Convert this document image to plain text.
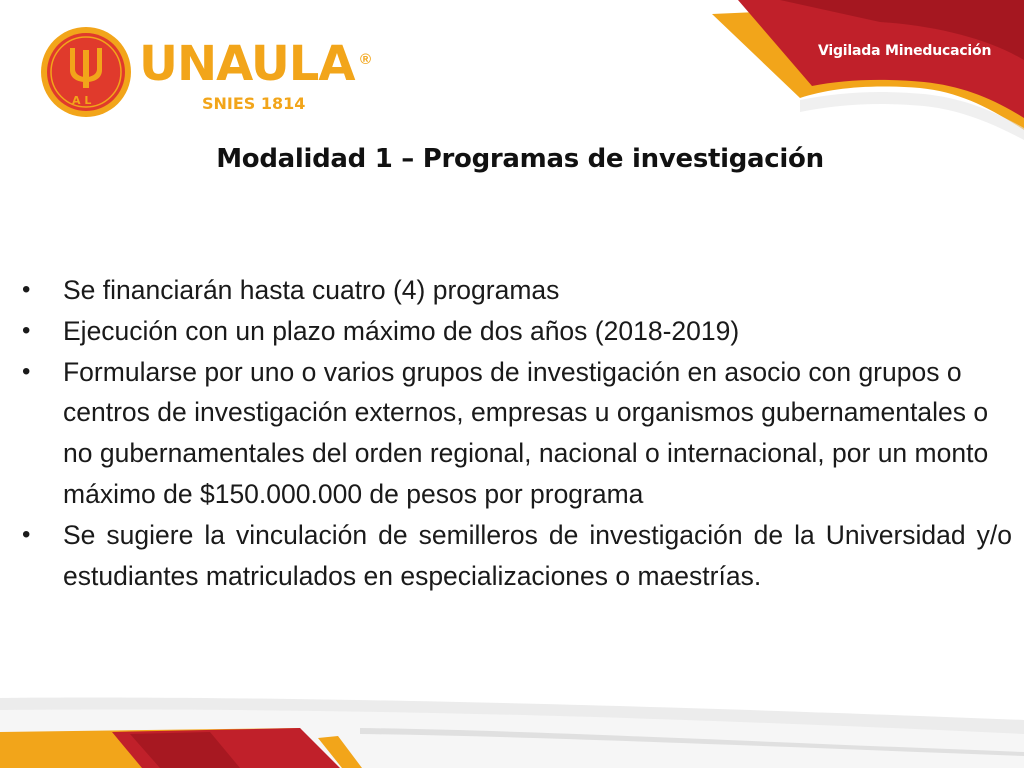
A L
UNAULA ®
SNIES 1814
Vigilada Mineducación
Modalidad 1 – Programas de investigación
• Se financiarán hasta cuatro (4) programas
• Ejecución con un plazo máximo de dos años (2018-2019)
• Formularse por uno o varios grupos de investigación en asocio con grupos o centros de investigación externos, empresas u organismos gubernamentales o no gubernamentales del orden regional, nacional o internacional, por un monto máximo de $150.000.000 de pesos por programa
• Se sugiere la vinculación de semilleros de investigación de la Universidad y/o estudiantes matriculados en especializaciones o maestrías.
